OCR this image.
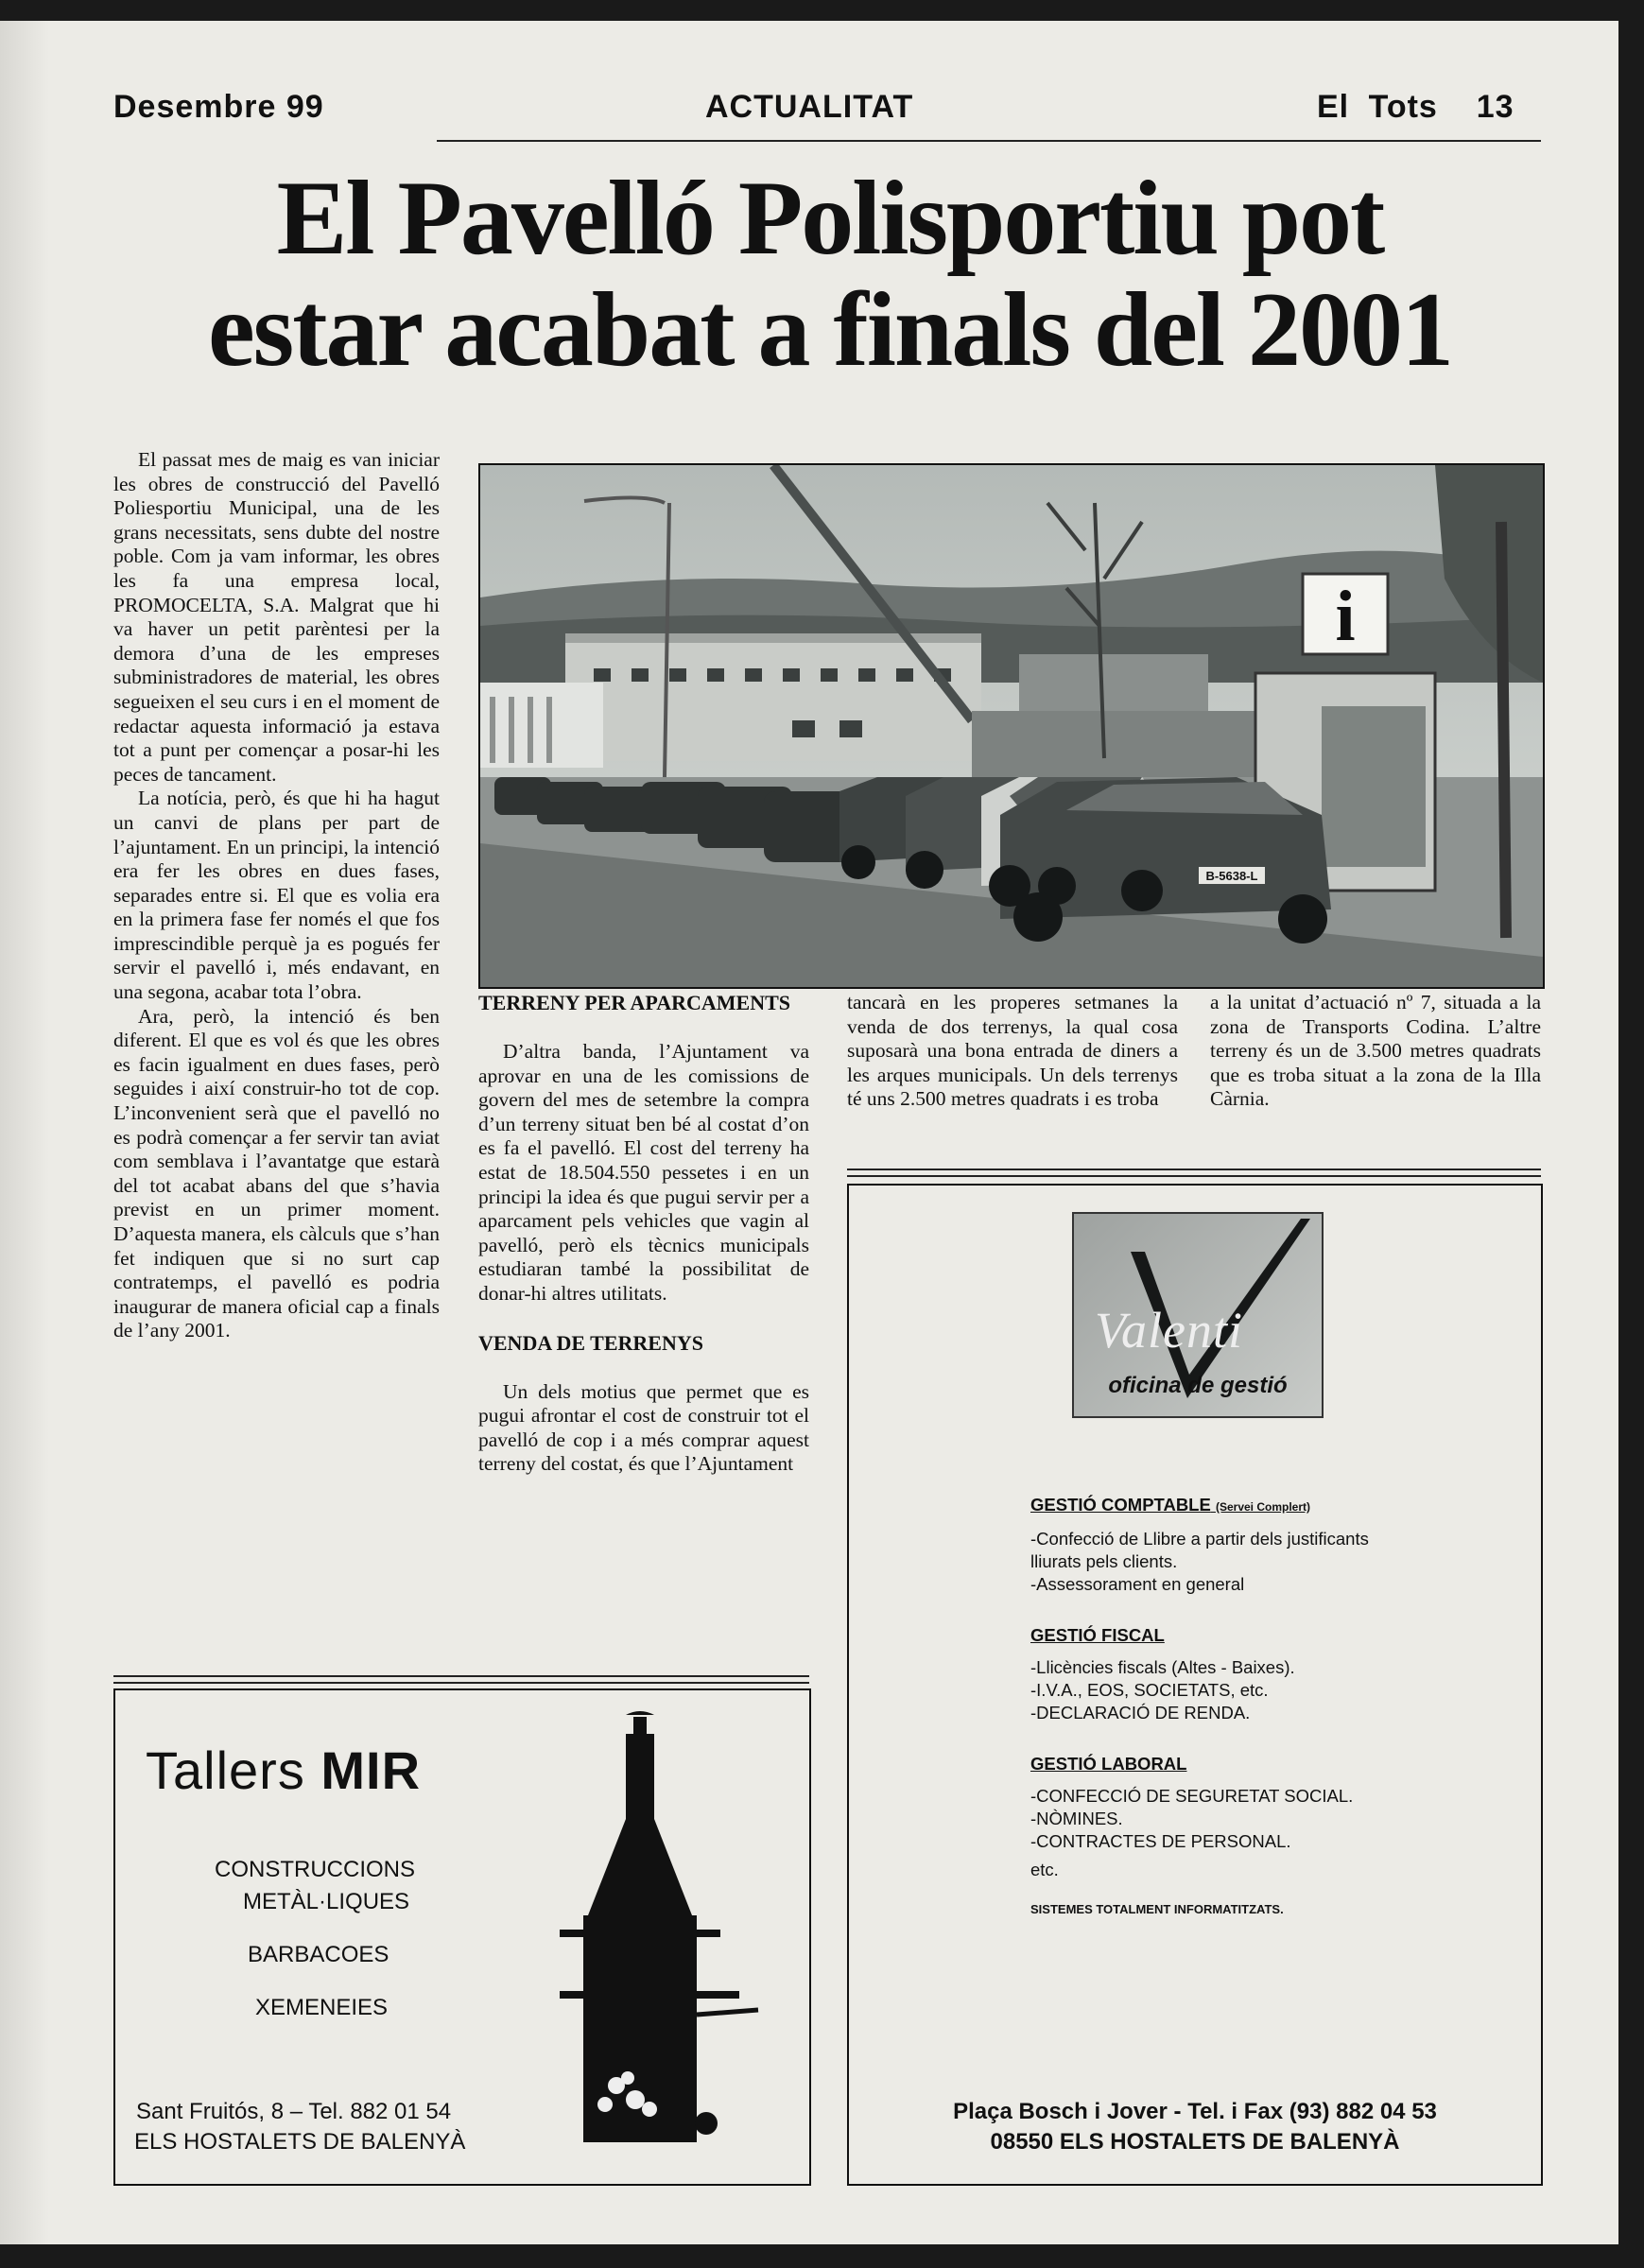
Desembre 99	ACTUALITAT	El Tots  13
El Pavelló Polisportiu pot
estar acabat a finals del 2001

El passat mes de maig es van iniciar les obres de construcció del Pavelló Poliesportiu Municipal, una de les grans necessitats, sens dubte del nostre poble. Com ja vam informar, les obres les fa una empresa local, PROMOCELTA, S.A. Malgrat que hi va haver un petit parèntesi per la demora d’una de les empreses subministradores de material, les obres segueixen el seu curs i en el moment de redactar aquesta informació ja estava tot a punt per començar a posar-hi les peces de tancament.

La notícia, però, és que hi ha hagut un canvi de plans per part de l’ajuntament. En un principi, la intenció era fer les obres en dues fases, separades entre si. El que es volia era en la primera fase fer només el que fos imprescindible perquè ja es pogués fer servir el pavelló i, més endavant, en una segona, acabar tota l’obra.

Ara, però, la intenció és ben diferent. El que es vol és que les obres es facin igualment en dues fases, però seguides i així construir-ho tot de cop. L’inconvenient serà que el pavelló no es podrà començar a fer servir tan aviat com semblava i l’avantatge que estarà del tot acabat abans del que s’havia previst en un primer moment. D’aquesta manera, els càlculs que s’han fet indiquen que si no surt cap contratemps, el pavelló es podria inaugurar de manera oficial cap a finals de l’any 2001.

i
B-5638-L

TERRENY PER APARCAMENTS

D’altra banda, l’Ajuntament va aprovar en una de les comissions de govern del mes de setembre la compra d’un terreny situat ben bé al costat d’on es fa el pavelló. El cost del terreny ha estat de 18.504.550 pessetes i en un principi la idea és que pugui servir per a aparcament pels vehicles que vagin al pavelló, però els tècnics municipals estudiaran també la possibilitat de donar-hi altres utilitats.

VENDA DE TERRENYS

Un dels motius que permet que es pugui afrontar el cost de construir tot el pavelló de cop i a més comprar aquest terreny del costat, és que l’Ajuntament

tancarà en les properes setmanes la venda de dos terrenys, la qual cosa suposarà una bona entrada de diners a les arques municipals. Un dels terrenys té uns 2.500 metres quadrats i es troba

a la unitat d’actuació nº 7, situada a la zona de Transports Codina. L’altre terreny és un de 3.500 metres quadrats que es troba situat a la zona de la Illa Càrnia.

Tallers MIR
CONSTRUCCIONS
METÀL·LIQUES
BARBACOES
XEMENEIES
Sant Fruitós, 8 – Tel. 882 01 54
ELS HOSTALETS DE BALENYÀ
Valenti
oficina de gestió
GESTIÓ COMPTABLE (Servei Complert)
-Confecció de Llibre a partir dels justificants lliurats pels clients.
-Assessorament en general
GESTIÓ FISCAL
-Llicències fiscals (Altes - Baixes).
-I.V.A., EOS, SOCIETATS, etc.
-DECLARACIÓ DE RENDA.
GESTIÓ LABORAL
-CONFECCIÓ DE SEGURETAT SOCIAL.
-NÒMINES.
-CONTRACTES DE PERSONAL.
etc.
SISTEMES TOTALMENT INFORMATITZATS.
Plaça Bosch i Jover - Tel. i Fax (93) 882 04 53
08550 ELS HOSTALETS DE BALENYÀ
